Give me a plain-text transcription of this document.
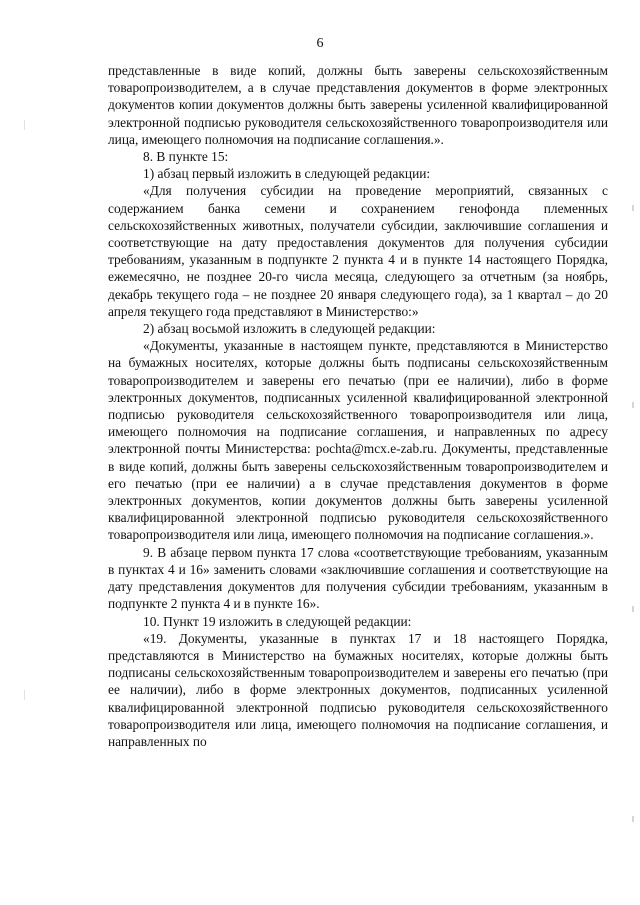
6

представленные в виде копий, должны быть заверены сельскохозяйственным товаропроизводителем, а в случае представления документов в форме электронных документов копии документов должны быть заверены усиленной квалифицированной электронной подписью руководителя сельскохозяйственного товаропроизводителя или лица, имеющего полномочия на подписание соглашения.».

8. В пункте 15:

1) абзац первый изложить в следующей редакции:

«Для получения субсидии на проведение мероприятий, связанных с содержанием банка семени и сохранением генофонда племенных сельскохозяйственных животных, получатели субсидии, заключившие соглашения и соответствующие на дату предоставления документов для получения субсидии требованиям, указанным в подпункте 2 пункта 4 и в пункте 14 настоящего Порядка, ежемесячно, не позднее 20-го числа месяца, следующего за отчетным (за ноябрь, декабрь текущего года – не позднее 20 января следующего года), за 1 квартал – до 20 апреля текущего года представляют в Министерство:»

2) абзац восьмой изложить в следующей редакции:

«Документы, указанные в настоящем пункте, представляются в Министерство на бумажных носителях, которые должны быть подписаны сельскохозяйственным товаропроизводителем и заверены его печатью (при ее наличии), либо в форме электронных документов, подписанных усиленной квалифицированной электронной подписью руководителя сельскохозяйственного товаропроизводителя или лица, имеющего полномочия на подписание соглашения, и направленных по адресу электронной почты Министерства: pochta@mcx.e-zab.ru. Документы, представленные в виде копий, должны быть заверены сельскохозяйственным товаропроизводителем и его печатью (при ее наличии) а в случае представления документов в форме электронных документов, копии документов должны быть заверены усиленной квалифицированной электронной подписью руководителя сельскохозяйственного товаропроизводителя или лица, имеющего полномочия на подписание соглашения.».

9. В абзаце первом пункта 17 слова «соответствующие требованиям, указанным в пунктах 4 и 16» заменить словами «заключившие соглашения и соответствующие на дату представления документов для получения субсидии требованиям, указанным в подпункте 2 пункта 4 и в пункте 16».

10. Пункт 19 изложить в следующей редакции:

«19. Документы, указанные в пунктах 17 и 18 настоящего Порядка, представляются в Министерство на бумажных носителях, которые должны быть подписаны сельскохозяйственным товаропроизводителем и заверены его печатью (при ее наличии), либо в форме электронных документов, подписанных усиленной квалифицированной электронной подписью руководителя сельскохозяйственного товаропроизводителя или лица, имеющего полномочия на подписание соглашения, и направленных по
